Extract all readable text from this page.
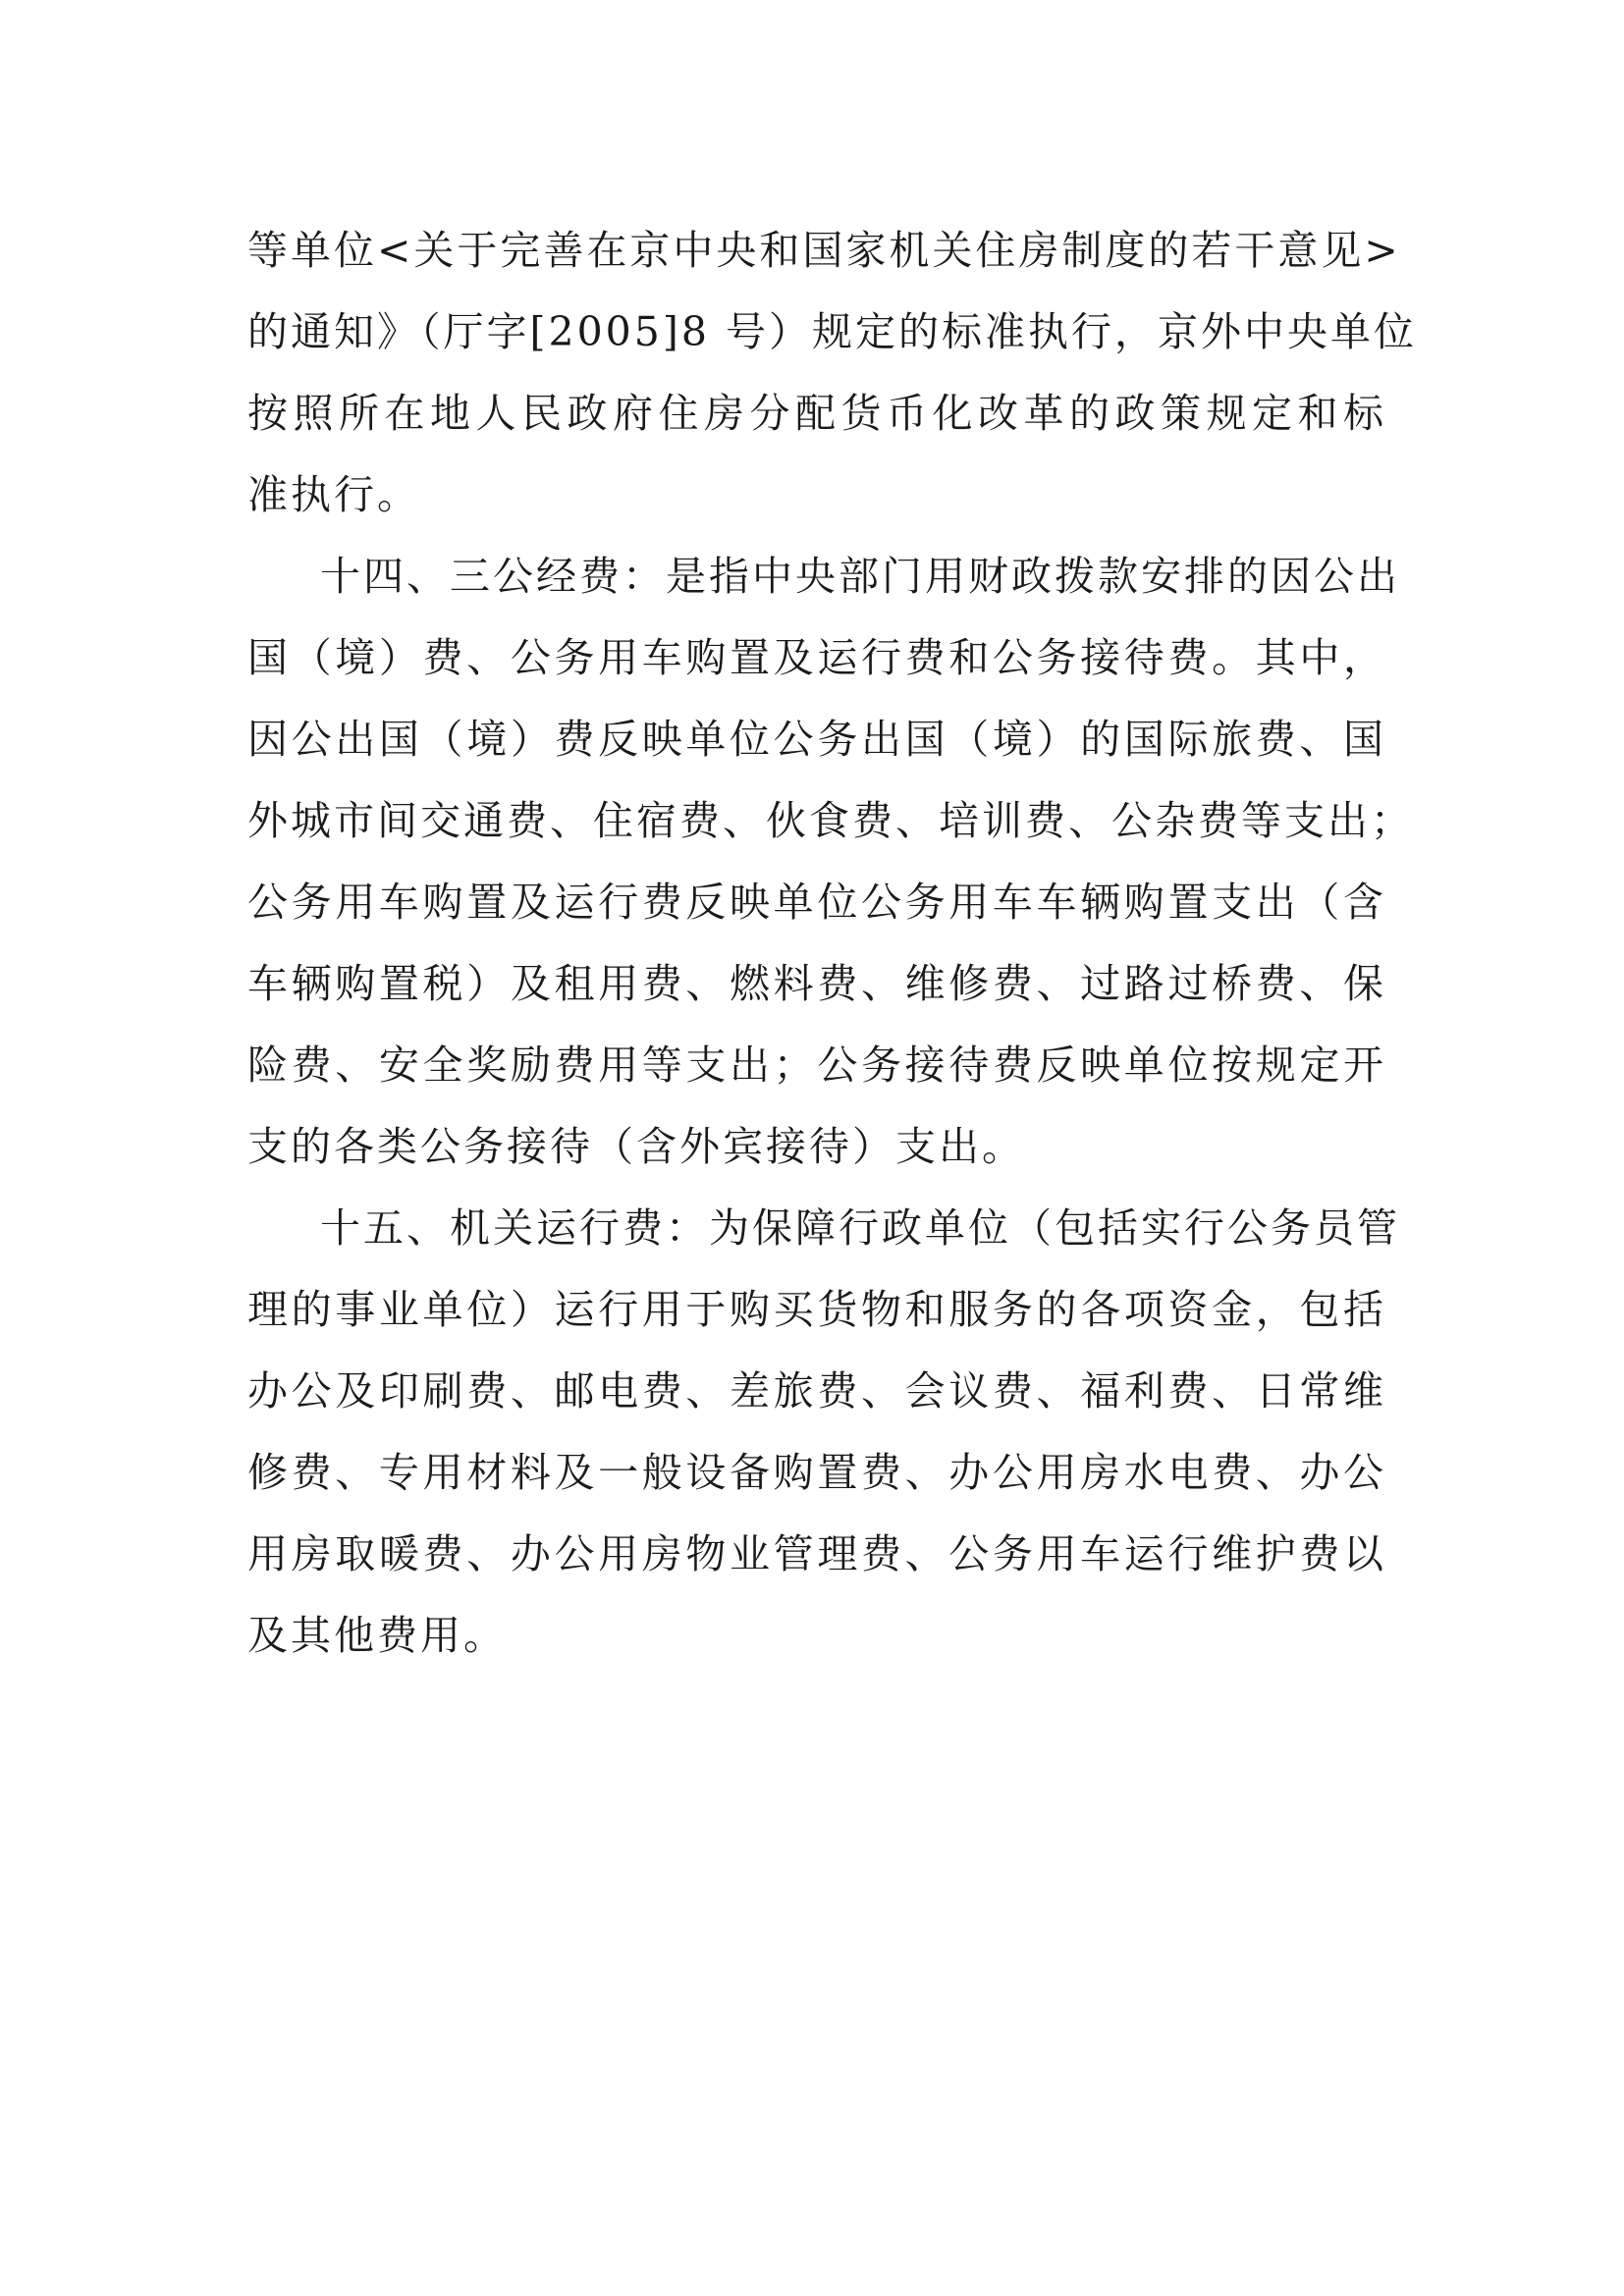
等单位<关于完善在京中央和国家机关住房制度的若干意见>
的通知》（厅字[2005]8 号）规定的标准执行，京外中央单位
按照所在地人民政府住房分配货币化改革的政策规定和标
准执行。
十四、三公经费：是指中央部门用财政拨款安排的因公出
国（境）费、公务用车购置及运行费和公务接待费。其中，
因公出国（境）费反映单位公务出国（境）的国际旅费、国
外城市间交通费、住宿费、伙食费、培训费、公杂费等支出；
公务用车购置及运行费反映单位公务用车车辆购置支出（含
车辆购置税）及租用费、燃料费、维修费、过路过桥费、保
险费、安全奖励费用等支出；公务接待费反映单位按规定开
支的各类公务接待（含外宾接待）支出。
十五、机关运行费：为保障行政单位（包括实行公务员管
理的事业单位）运行用于购买货物和服务的各项资金，包括
办公及印刷费、邮电费、差旅费、会议费、福利费、日常维
修费、专用材料及一般设备购置费、办公用房水电费、办公
用房取暖费、办公用房物业管理费、公务用车运行维护费以
及其他费用。
